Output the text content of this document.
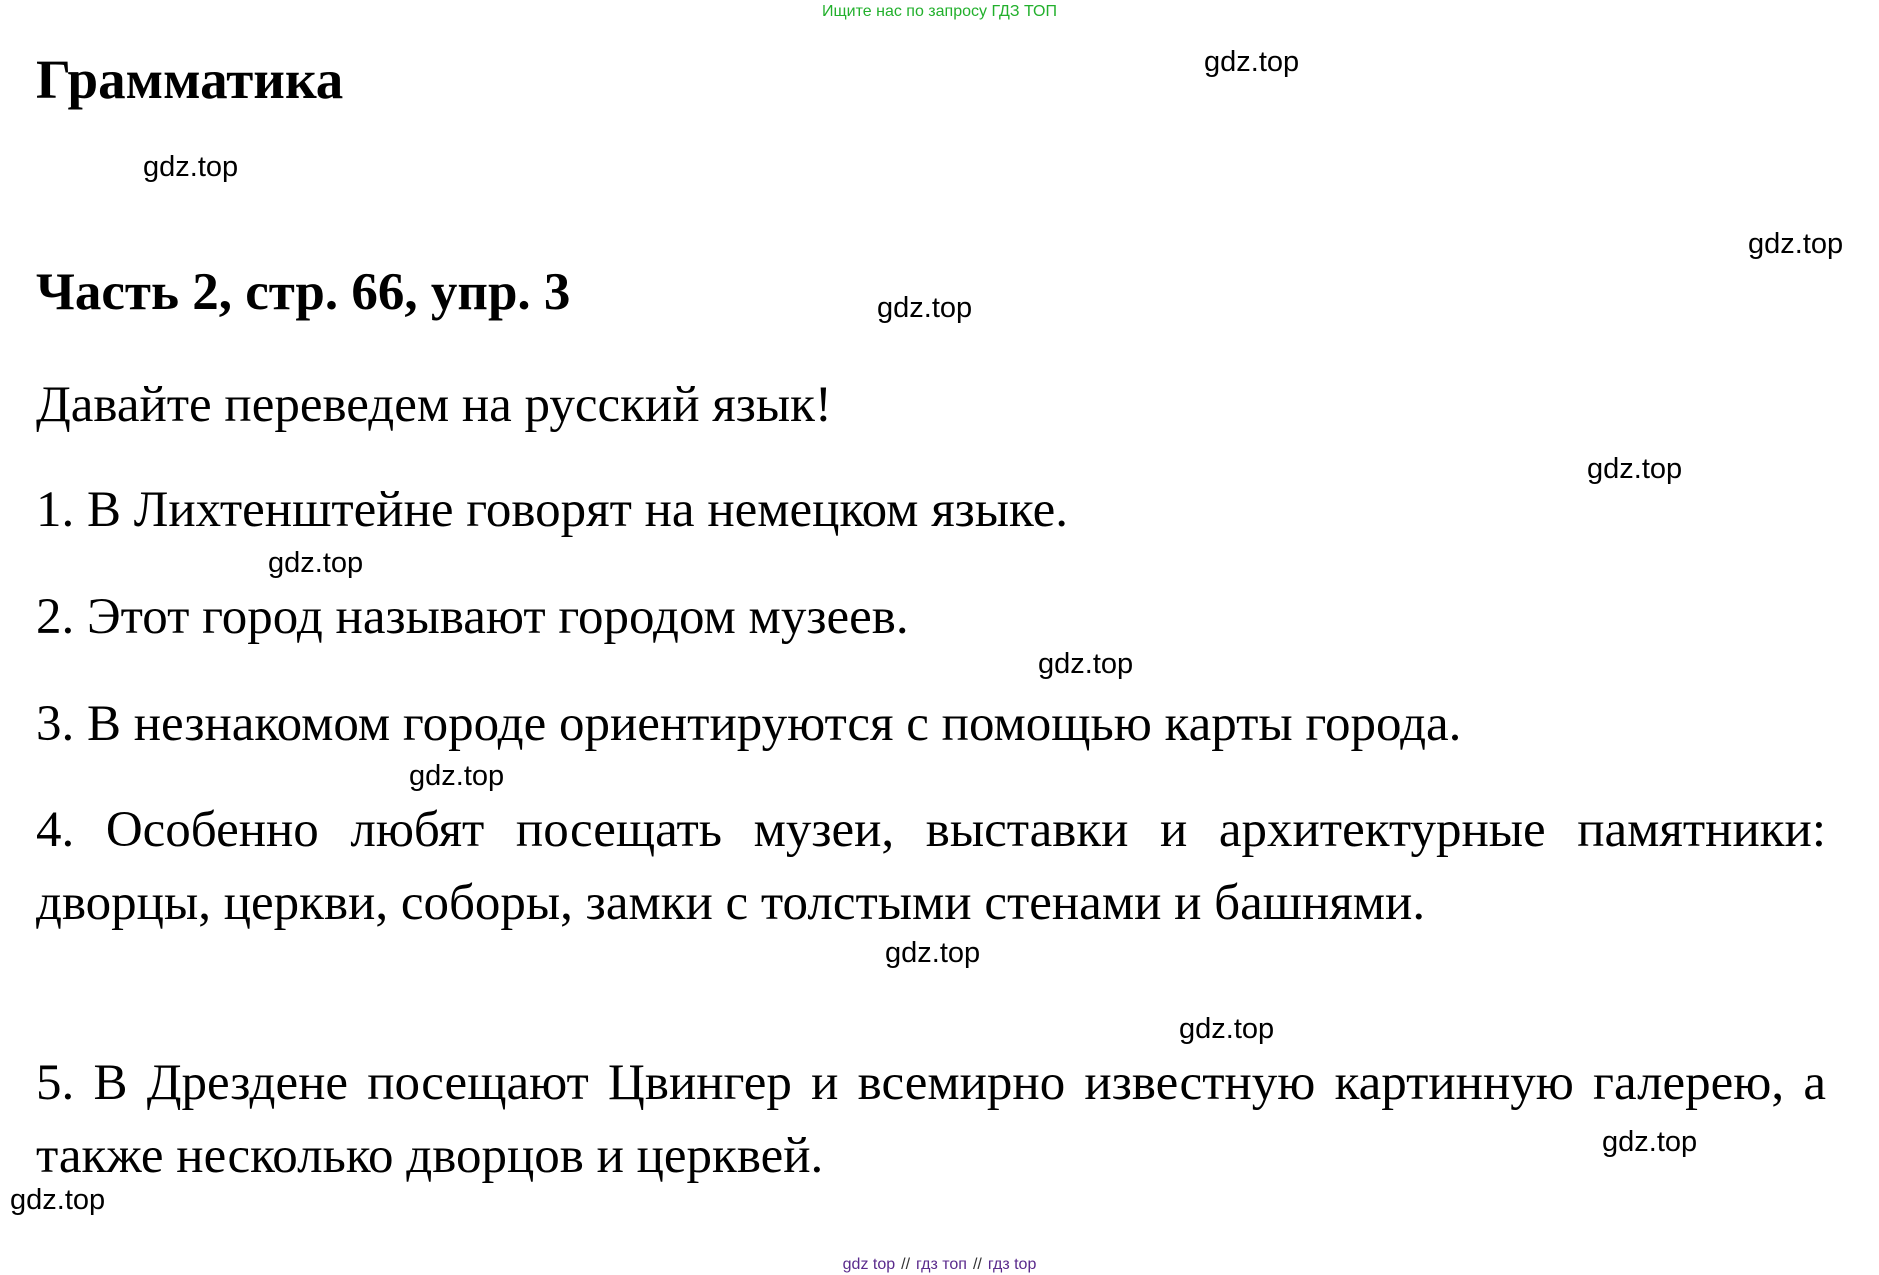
Ищите нас по запросу ГДЗ ТОП
Грамматика
Часть 2, стр. 66, упр. 3

Давайте переведем на русский язык!

1. В Лихтенштейне говорят на немецком языке.

2. Этот город называют городом музеев.

3. В незнакомом городе ориентируются с помощью карты города.

4. Особенно любят посещать музеи, выставки и архитектурные памятники: дворцы, церкви, соборы, замки с толстыми стенами и башнями.

5. В Дрездене посещают Цвингер и всемирно известную картинную галерею, а также несколько дворцов и церквей.

gdz.top
gdz.top
gdz.top
gdz.top
gdz.top
gdz.top
gdz.top
gdz.top
gdz.top
gdz.top
gdz.top
gdz.top
gdz top // гдз топ // гдз top
